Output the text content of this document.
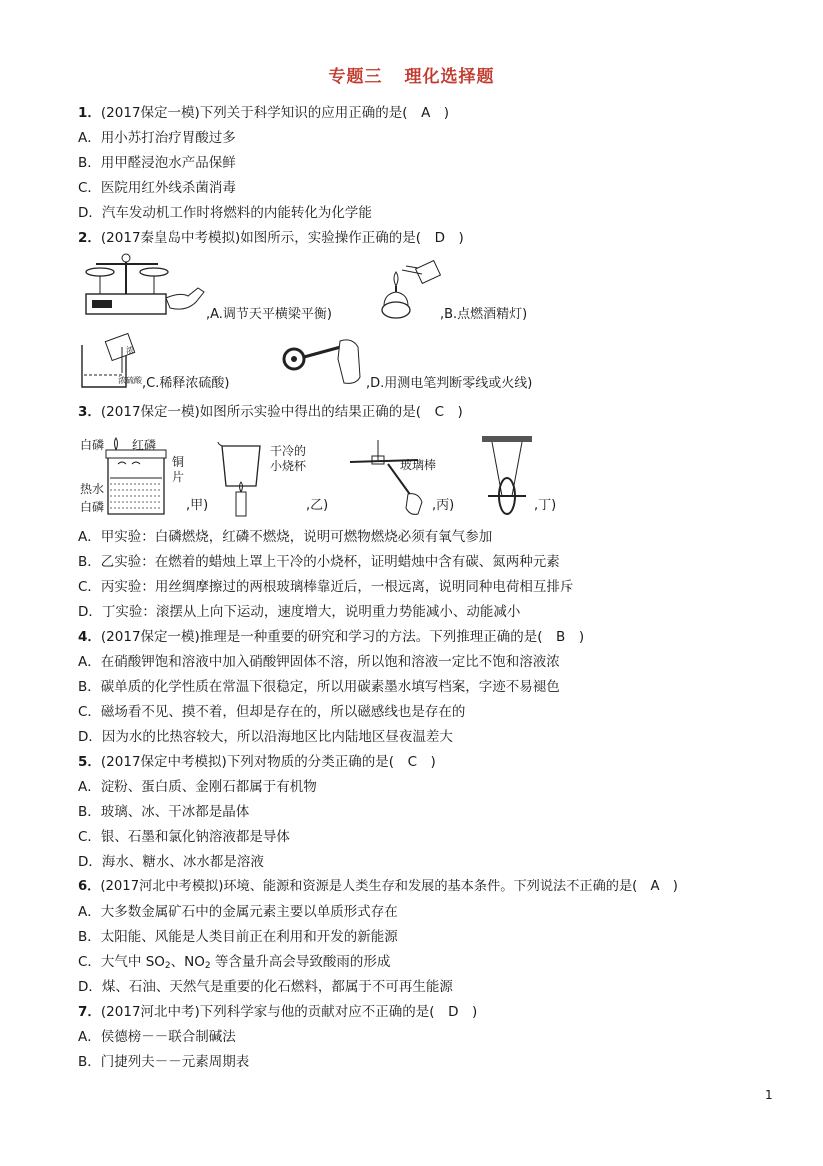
专题三 理化选择题
1．(2017保定一模)下列关于科学知识的应用正确的是(　A　)
A．用小苏打治疗胃酸过多
B．用甲醛浸泡水产品保鲜
C．医院用红外线杀菌消毒
D．汽车发动机工作时将燃料的内能转化为化学能
2．(2017秦皇岛中考模拟)如图所示，实验操作正确的是(　D　)
,A.调节天平横梁平衡)	,B.点燃酒精灯)
浓
浓硫酸 ,C.稀释浓硫酸)	,D.用测电笔判断零线或火线)
3．(2017保定一模)如图所示实验中得出的结果正确的是(　C　)
白磷 红磷
铜
片
热水
白磷	,甲)
干冷的
小烧杯
,乙)
玻璃棒
,丙)	,丁)
A．甲实验：白磷燃烧，红磷不燃烧，说明可燃物燃烧必须有氧气参加
B．乙实验：在燃着的蜡烛上罩上干冷的小烧杯，证明蜡烛中含有碳、氮两种元素
C．丙实验：用丝绸摩擦过的两根玻璃棒靠近后，一根远离，说明同种电荷相互排斥
D．丁实验：滚摆从上向下运动，速度增大，说明重力势能减小、动能减小
4．(2017保定一模)推理是一种重要的研究和学习的方法。下列推理正确的是(　B　)
A．在硝酸钾饱和溶液中加入硝酸钾固体不溶，所以饱和溶液一定比不饱和溶液浓
B．碳单质的化学性质在常温下很稳定，所以用碳素墨水填写档案，字迹不易褪色
C．磁场看不见、摸不着，但却是存在的，所以磁感线也是存在的
D．因为水的比热容较大，所以沿海地区比内陆地区昼夜温差大
5．(2017保定中考模拟)下列对物质的分类正确的是(　C　)
A．淀粉、蛋白质、金刚石都属于有机物
B．玻璃、冰、干冰都是晶体
C．银、石墨和氯化钠溶液都是导体
D．海水、糖水、冰水都是溶液
6．(2017河北中考模拟)环境、能源和资源是人类生存和发展的基本条件。下列说法不正确的是(　A　)
A．大多数金属矿石中的金属元素主要以单质形式存在
B．太阳能、风能是人类目前正在利用和开发的新能源
C．大气中 $SO_2$、$NO_2$ 等含量升高会导致酸雨的形成
D．煤、石油、天然气是重要的化石燃料，都属于不可再生能源
7．(2017河北中考)下列科学家与他的贡献对应不正确的是(　D　)
A．侯德榜－－联合制碱法
B．门捷列夫－－元素周期表
1
